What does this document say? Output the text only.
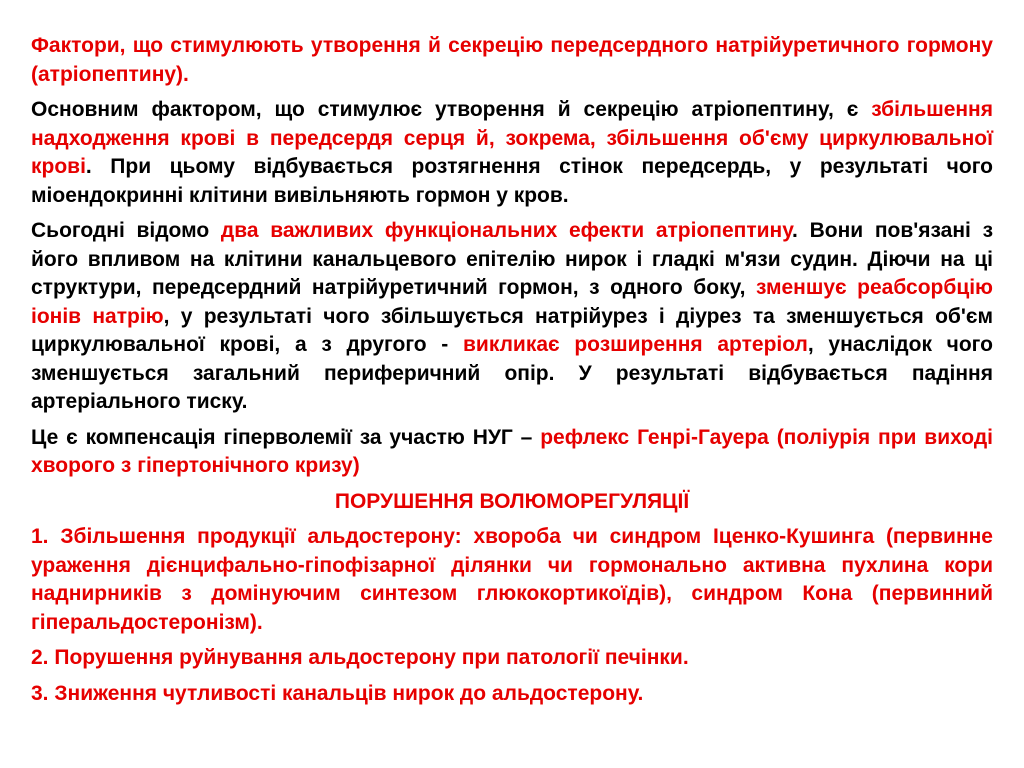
Фактори, що стимулюють утворення й секрецію передсердного натрійуретичного гормону (атріопептину).

Основним фактором, що стимулює утворення й секрецію атріопептину, є збільшення надходження крові в передсердя серця й, зокрема, збільшення об'єму циркулювальної крові. При цьому відбувається розтягнення стінок передсердь, у результаті чого міоендокринні клітини вивільняють гормон у кров.

Сьогодні відомо два важливих функціональних ефекти атріопептину. Вони пов'язані з його впливом на клітини канальцевого епітелію нирок і гладкі м'язи судин. Діючи на ці структури, передсердний натрійуретичний гормон, з одного боку, зменшує реабсорбцію іонів натрію, у результаті чого збільшується натрійурез і діурез та зменшується об'єм циркулювальної крові, а з другого - викликає розширення артеріол, унаслідок чого зменшується загальний периферичний опір. У результаті відбувається падіння артеріального тиску.

Це є компенсація гіперволемії за участю НУГ – рефлекс Генрі-Гауера (поліурія при виході хворого з гіпертонічного кризу)

ПОРУШЕННЯ ВОЛЮМОРЕГУЛЯЦІЇ

1. Збільшення продукції альдостерону: хвороба чи синдром Іценко-Кушинга (первинне ураження дієнцифально-гіпофізарної ділянки чи гормонально активна пухлина кори наднирників з домінуючим синтезом глюкокортикоїдів), синдром Кона (первинний гіперальдостеронізм).

2. Порушення руйнування альдостерону при патології печінки.

3. Зниження чутливості канальців нирок до альдостерону.
